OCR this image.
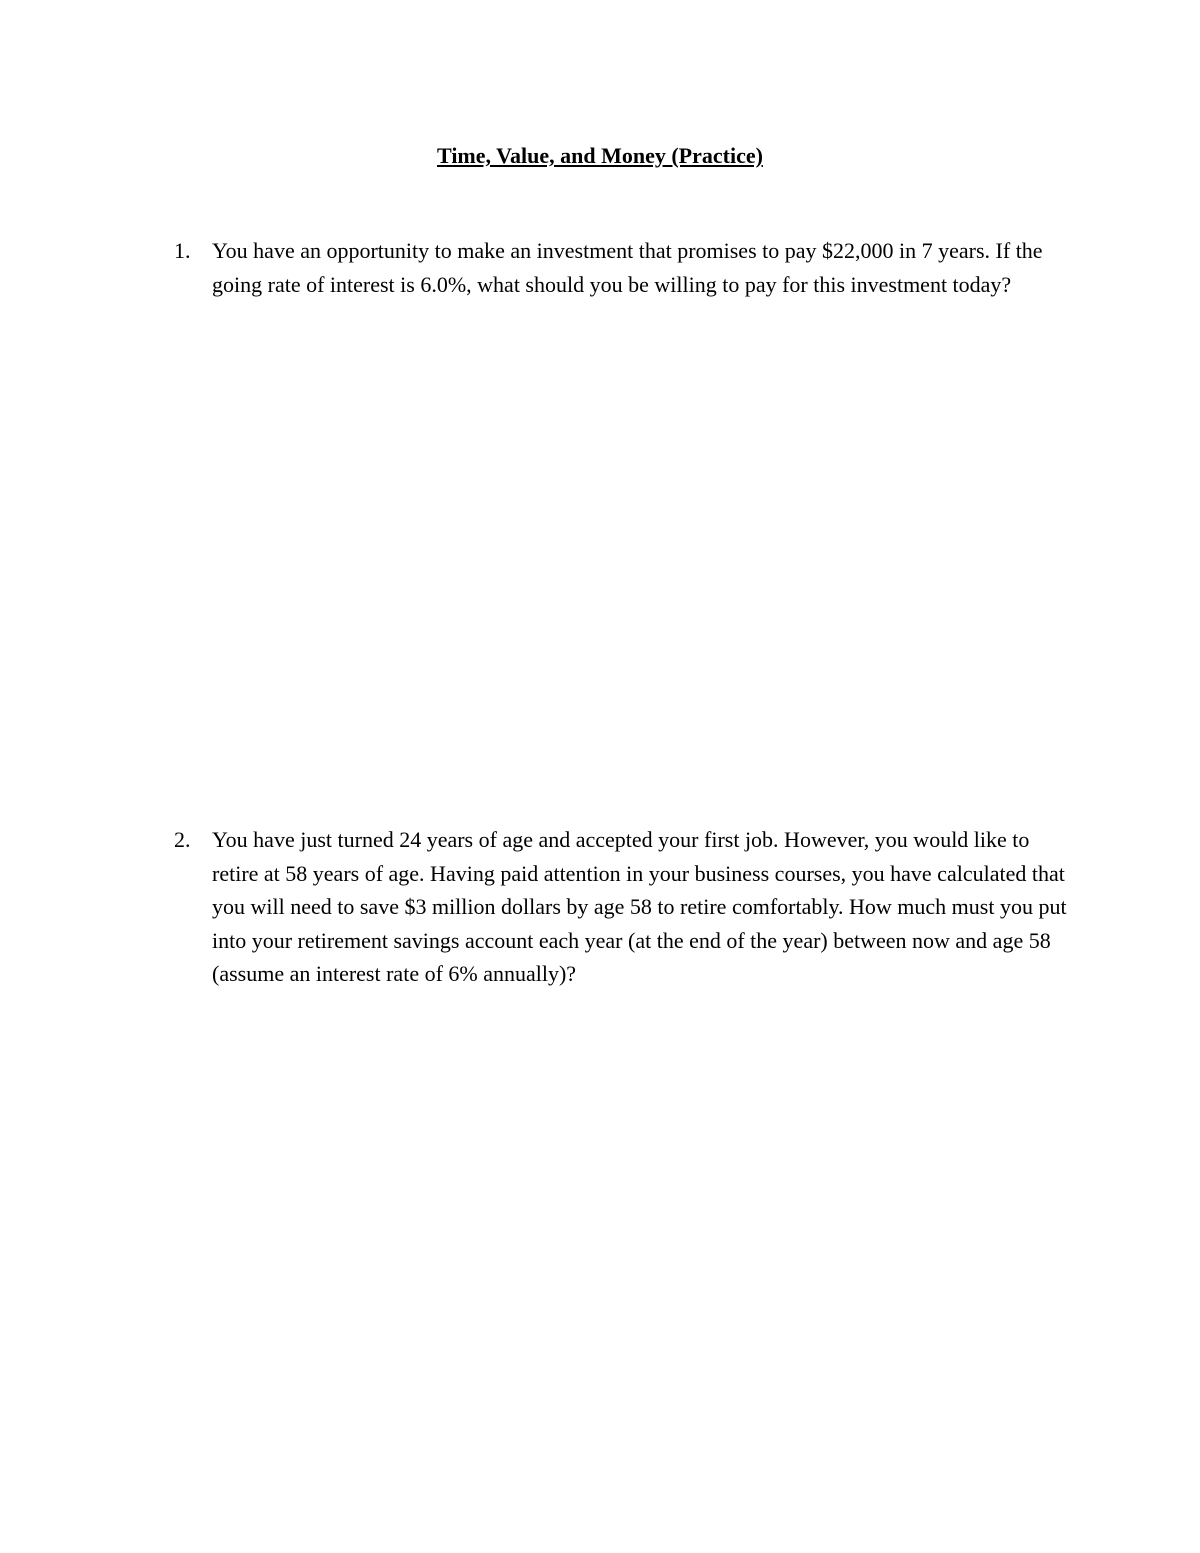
Time, Value, and Money (Practice)
1. You have an opportunity to make an investment that promises to pay $22,000 in 7 years. If the going rate of interest is 6.0%, what should you be willing to pay for this investment today?
2. You have just turned 24 years of age and accepted your first job. However, you would like to retire at 58 years of age. Having paid attention in your business courses, you have calculated that you will need to save $3 million dollars by age 58 to retire comfortably. How much must you put into your retirement savings account each year (at the end of the year) between now and age 58 (assume an interest rate of 6% annually)?
